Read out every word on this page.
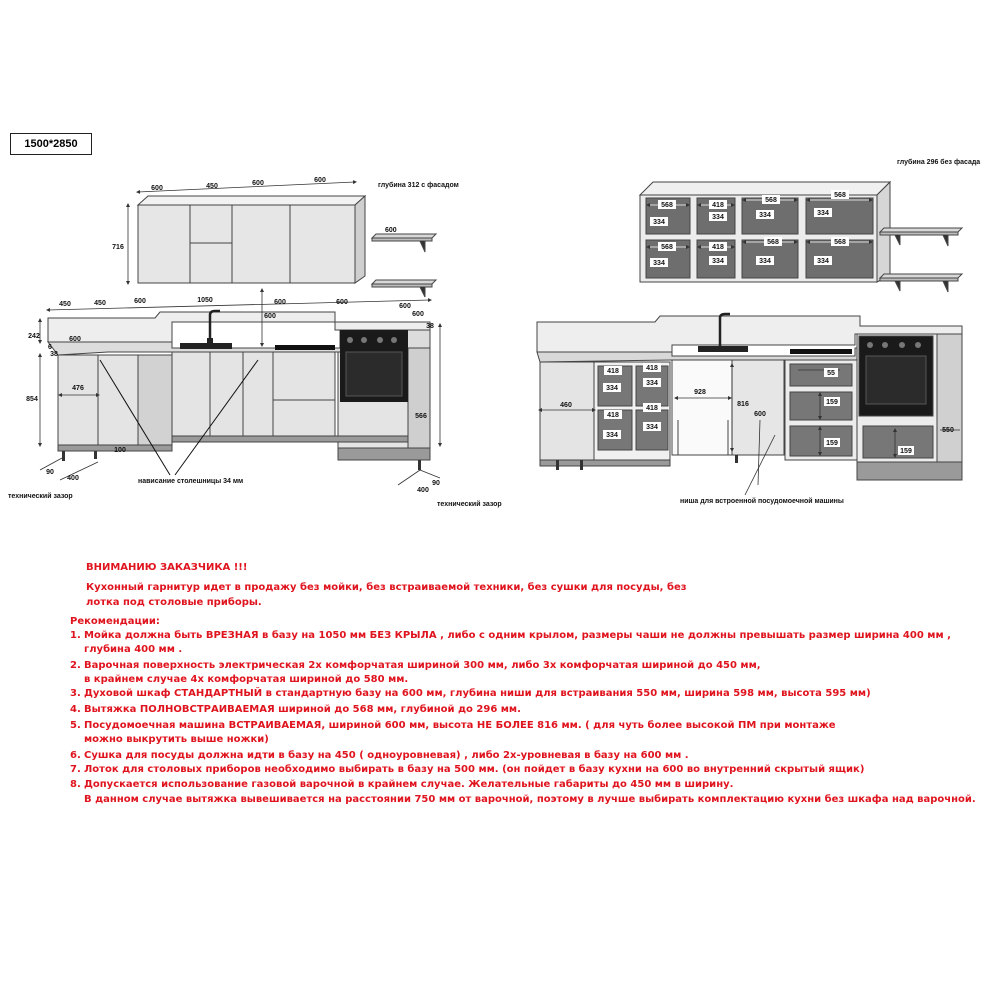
1500*2850
600	450	600	600
716
глубина 312 с фасадом
600
450	450	600	1050	600	600
600
242
6
38
600
854
476
600
38
566
600
90
400
100
400
90
технический зазор
технический зазор
нависание столешницы 34 мм
568
334
418
334
568
334
568
334
568
334
418
334
568
334
568
334
глубина 296 без фасада
418	418
334
334
418
418
334
334
460
928
816
600
55
159
159
550
159
ниша для встроенной посудомоечной машины
ВНИМАНИЮ ЗАКАЗЧИКА !!!
Кухонный гарнитур идет в продажу без мойки, без встраиваемой техники, без сушки для посуды, без
лотка под столовые приборы.
Рекомендации:
1. Мойка должна быть ВРЕЗНАЯ в базу на 1050 мм БЕЗ КРЫЛА , либо с одним крылом, размеры чаши не должны превышать размер ширина 400 мм ,
глубина 400 мм .
2. Варочная поверхность электрическая 2х комфорчатая шириной 300 мм, либо 3х комфорчатая шириной до 450 мм,
в крайнем случае 4х комфорчатая шириной до 580 мм.
3. Духовой шкаф СТАНДАРТНЫЙ в стандартную базу на 600 мм, глубина ниши для встраивания 550 мм, ширина 598 мм, высота 595 мм)
4. Вытяжка ПОЛНОВСТРАИВАЕМАЯ шириной до 568 мм, глубиной до 296 мм.
5. Посудомоечная машина ВСТРАИВАЕМАЯ, шириной 600 мм, высота НЕ БОЛЕЕ 816 мм. ( для чуть более высокой ПМ при монтаже
можно выкрутить выше ножки)
6. Сушка для посуды должна идти в базу на 450 ( одноуровневая) , либо 2х-уровневая в базу на 600 мм .
7. Лоток для столовых приборов необходимо выбирать в базу на 500 мм. (он пойдет в базу кухни на 600 во внутренний скрытый ящик)
8. Допускается использование газовой варочной в крайнем случае. Желательные габариты до 450 мм в ширину.
В данном случае вытяжка вывешивается на расстоянии 750 мм от варочной, поэтому в лучше выбирать комплектацию кухни без шкафа над варочной.
